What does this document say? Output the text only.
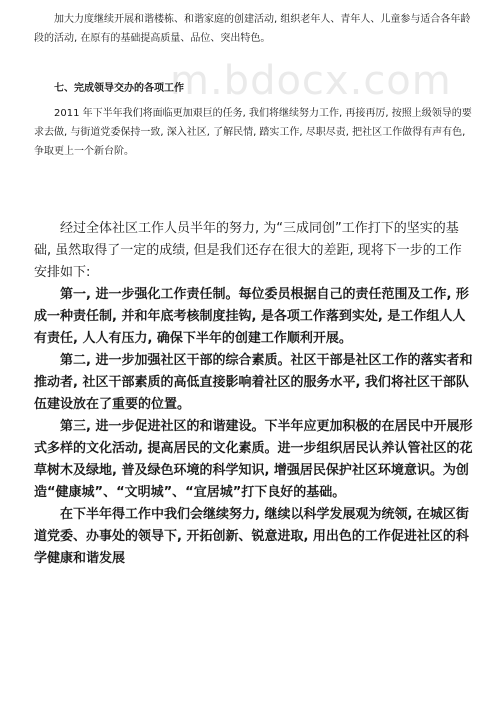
m.bdocx.com

加大力度继续开展和谐楼栋、和谐家庭的创建活动, 组织老年人、青年人、儿童参与适合各年龄段的活动, 在原有的基础提高质量、品位、突出特色。

七、完成领导交办的各项工作

2011 年下半年我们将面临更加艰巨的任务, 我们将继续努力工作, 再接再厉, 按照上级领导的要求去做, 与街道党委保持一致, 深入社区, 了解民情, 踏实工作, 尽职尽责, 把社区工作做得有声有色, 争取更上一个新台阶。

经过全体社区工作人员半年的努力, 为“三成同创”工作打下的坚实的基础, 虽然取得了一定的成绩, 但是我们还存在很大的差距, 现将下一步的工作安排如下:

第一, 进一步强化工作责任制。每位委员根据自己的责任范围及工作, 形成一种责任制, 并和年底考核制度挂钩, 是各项工作落到实处, 是工作组人人有责任, 人人有压力, 确保下半年的创建工作顺利开展。

第二, 进一步加强社区干部的综合素质。社区干部是社区工作的落实者和推动者, 社区干部素质的高低直接影响着社区的服务水平, 我们将社区干部队伍建设放在了重要的位置。

第三, 进一步促进社区的和谐建设。下半年应更加积极的在居民中开展形式多样的文化活动, 提高居民的文化素质。进一步组织居民认养认管社区的花草树木及绿地, 普及绿色环境的科学知识, 增强居民保护社区环境意识。为创造“健康城”、“文明城”、“宜居城”打下良好的基础。

在下半年得工作中我们会继续努力, 继续以科学发展观为统领, 在城区街道党委、办事处的领导下, 开拓创新、锐意进取, 用出色的工作促进社区的科学健康和谐发展
